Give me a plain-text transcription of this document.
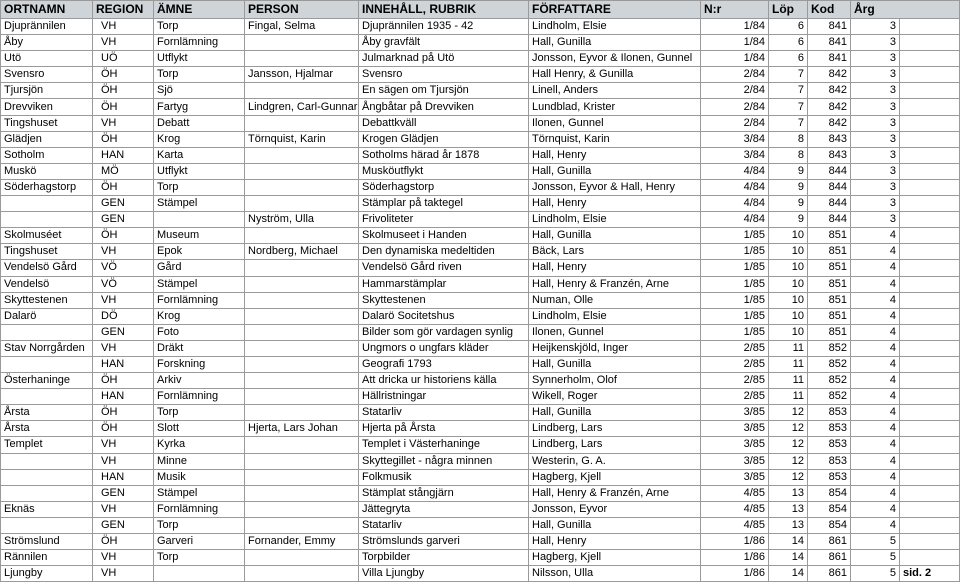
ORTNAMN	REGION	ÄMNE	PERSON	INNEHÅLL, RUBRIK	FÖRFATTARE	N:r	Löp	Kod	Årg	
Djuprännilen	VH	Torp	Fingal, Selma	Djuprännilen 1935 - 42	Lindholm, Elsie	1/84	6	841	3	
Åby	VH	Fornlämning		Åby gravfält	Hall, Gunilla	1/84	6	841	3	
Utö	UÖ	Utflykt		Julmarknad på Utö	Jonsson, Eyvor & Ilonen, Gunnel	1/84	6	841	3	
Svensro	ÖH	Torp	Jansson, Hjalmar	Svensro	Hall Henry, & Gunilla	2/84	7	842	3	
Tjursjön	ÖH	Sjö		En sägen om Tjursjön	Linell, Anders	2/84	7	842	3	
Drevviken	ÖH	Fartyg	Lindgren, Carl-Gunnar	Ångbåtar på Drevviken	Lundblad, Krister	2/84	7	842	3	
Tingshuset	VH	Debatt		Debattkväll	Ilonen, Gunnel	2/84	7	842	3	
Glädjen	ÖH	Krog	Törnquist, Karin	Krogen Glädjen	Törnquist, Karin	3/84	8	843	3	
Sotholm	HAN	Karta		Sotholms härad år 1878	Hall, Henry	3/84	8	843	3	
Muskö	MÖ	Utflykt		Musköutflykt	Hall, Gunilla	4/84	9	844	3	
Söderhagstorp	ÖH	Torp		Söderhagstorp	Jonsson, Eyvor & Hall, Henry	4/84	9	844	3	
	GEN	Stämpel		Stämplar på taktegel	Hall, Henry	4/84	9	844	3	
	GEN		Nyström, Ulla	Frivoliteter	Lindholm, Elsie	4/84	9	844	3	
Skolmuséet	ÖH	Museum		Skolmuseet i Handen	Hall, Gunilla	1/85	10	851	4	
Tingshuset	VH	Epok	Nordberg, Michael	Den dynamiska medeltiden	Bäck, Lars	1/85	10	851	4	
Vendelsö Gård	VÖ	Gård		Vendelsö Gård riven	Hall, Henry	1/85	10	851	4	
Vendelsö	VÖ	Stämpel		Hammarstämplar	Hall, Henry & Franzén, Arne	1/85	10	851	4	
Skyttestenen	VH	Fornlämning		Skyttestenen	Numan, Olle	1/85	10	851	4	
Dalarö	DÖ	Krog		Dalarö Socitetshus	Lindholm, Elsie	1/85	10	851	4	
	GEN	Foto		Bilder som gör vardagen synlig	Ilonen, Gunnel	1/85	10	851	4	
Stav Norrgården	VH	Dräkt		Ungmors o ungfars kläder	Heijkenskjöld, Inger	2/85	11	852	4	
	HAN	Forskning		Geografi 1793	Hall, Gunilla	2/85	11	852	4	
Österhaninge	ÖH	Arkiv		Att dricka ur historiens källa	Synnerholm, Olof	2/85	11	852	4	
	HAN	Fornlämning		Hällristningar	Wikell, Roger	2/85	11	852	4	
Årsta	ÖH	Torp		Statarliv	Hall, Gunilla	3/85	12	853	4	
Årsta	ÖH	Slott	Hjerta, Lars Johan	Hjerta på Årsta	Lindberg, Lars	3/85	12	853	4	
Templet	VH	Kyrka		Templet i Västerhaninge	Lindberg, Lars	3/85	12	853	4	
	VH	Minne		Skyttegillet - några minnen	Westerin, G. A.	3/85	12	853	4	
	HAN	Musik		Folkmusik	Hagberg, Kjell	3/85	12	853	4	
	GEN	Stämpel		Stämplat stångjärn	Hall, Henry & Franzén, Arne	4/85	13	854	4	
Eknäs	VH	Fornlämning		Jättegryta	Jonsson, Eyvor	4/85	13	854	4	
	GEN	Torp		Statarliv	Hall, Gunilla	4/85	13	854	4	
Strömslund	ÖH	Garveri	Fornander, Emmy	Strömslunds garveri	Hall, Henry	1/86	14	861	5	
Rännilen	VH	Torp		Torpbilder	Hagberg, Kjell	1/86	14	861	5	
Ljungby	VH			Villa Ljungby	Nilsson, Ulla	1/86	14	861	5	sid. 2
